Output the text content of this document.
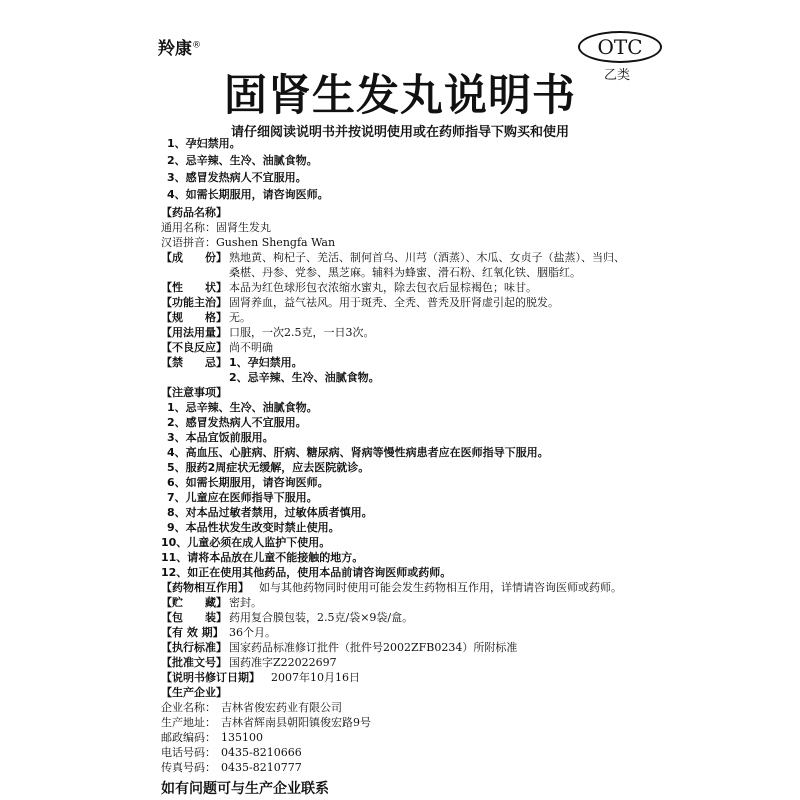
羚康®	OTC
乙类
固肾生发丸说明书
请仔细阅读说明书并按说明使用或在药师指导下购买和使用
1、孕妇禁用。
2、忌辛辣、生冷、油腻食物。
3、感冒发热病人不宜服用。
4、如需长期服用，请咨询医师。
【药品名称】
通用名称：固肾生发丸
汉语拼音：Gushen Shengfa Wan
【成　　份】 熟地黄、枸杞子、羌活、制何首乌、川芎（酒蒸）、木瓜、女贞子（盐蒸）、当归、
桑椹、丹参、党参、黑芝麻。辅料为蜂蜜、滑石粉、红氧化铁、胭脂红。
【性　　状】 本品为红色球形包衣浓缩水蜜丸，除去包衣后显棕褐色；味甘。
【功能主治】 固肾养血，益气祛风。用于斑秃、全秃、普秃及肝肾虚引起的脱发。
【规　　格】 无。
【用法用量】 口服，一次2.5克，一日3次。
【不良反应】 尚不明确
【禁　　忌】 1、孕妇禁用。
2、忌辛辣、生冷、油腻食物。
【注意事项】
1、忌辛辣、生冷、油腻食物。
2、感冒发热病人不宜服用。
3、本品宜饭前服用。
4、高血压、心脏病、肝病、糖尿病、肾病等慢性病患者应在医师指导下服用。
5、服药2周症状无缓解，应去医院就诊。
6、如需长期服用，请咨询医师。
7、儿童应在医师指导下服用。
8、对本品过敏者禁用，过敏体质者慎用。
9、本品性状发生改变时禁止使用。
10、儿童必须在成人监护下使用。
11、请将本品放在儿童不能接触的地方。
12、如正在使用其他药品，使用本品前请咨询医师或药师。
【药物相互作用】 如与其他药物同时使用可能会发生药物相互作用，详情请咨询医师或药师。
【贮　　藏】 密封。
【包　　装】 药用复合膜包装，2.5克/袋×9袋/盒。
【有 效 期】 36个月。
【执行标准】 国家药品标准修订批件（批件号2002ZFB0234）所附标准
【批准文号】 国药准字Z22022697
【说明书修订日期】 2007年10月16日
【生产企业】
企业名称： 吉林省俊宏药业有限公司
生产地址： 吉林省辉南县朝阳镇俊宏路9号
邮政编码： 135100
电话号码： 0435-8210666
传真号码： 0435-8210777
如有问题可与生产企业联系
